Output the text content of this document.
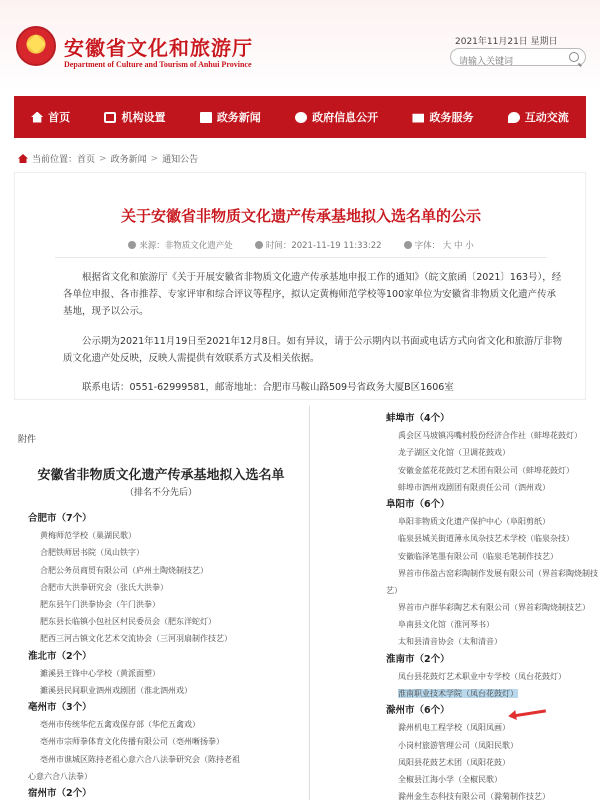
安徽省文化和旅游厅
Department of Culture and Tourism of Anhui Province
2021年11月21日 星期日
请输入关键词
首页	机构设置	政务新闻	政府信息公开	政务服务	互动交流
当前位置： 首页 > 政务新闻 > 通知公告
关于安徽省非物质文化遗产传承基地拟入选名单的公示
来源：非物质文化遗产处	时间：2021-11-19 11:33:22	字体： 大 中 小
根据省文化和旅游厅《关于开展安徽省非物质文化遗产传承基地申报工作的通知》（皖文旅函〔2021〕163号），经各单位申报、各市推荐、专家评审和综合评议等程序，拟认定黄梅师范学校等100家单位为安徽省非物质文化遗产传承基地，现予以公示。
公示期为2021年11月19日至2021年12月8日。如有异议，请于公示期内以书面或电话方式向省文化和旅游厅非物质文化遗产处反映，反映人需提供有效联系方式及相关依据。
联系电话：0551-62999581，邮寄地址：合肥市马鞍山路509号省政务大厦B区1606室
附件
安徽省非物质文化遗产传承基地拟入选名单
（排名不分先后）
合肥市（7个）
黄梅师范学校（巢湖民歌）
合肥铁师居书院（凤山铁字）
合肥公务员商贸有限公司（庐州土陶烧制技艺）
合肥市大洪拳研究会（张氏大洪拳）
肥东县午门洪拳协会（午门洪拳）
肥东县长临镇小包社区村民委员会（肥东洋蛇灯）
肥西三河古镇文化艺术交流协会（三河羽扇制作技艺）
淮北市（2个）
濉溪县王锋中心学校（黄派面塑）
濉溪县民间职业泗州戏剧团（淮北泗州戏）
亳州市（3个）
亳州市传统华佗五禽戏保存部（华佗五禽戏）
亳州市宗师拳体育文化传播有限公司（亳州晰扬拳）
亳州市谯城区陈持老祖心意六合八法拳研究会（陈持老祖
心意六合八法拳）
宿州市（2个）
蚌埠市（4个）
禹会区马坡镇冯嘴村股份经济合作社（蚌埠花鼓灯）
龙子湖区文化馆（卫调花鼓戏）
安徽金蓝花花鼓灯艺术团有限公司（蚌埠花鼓灯）
蚌埠市泗州戏剧团有限责任公司（泗州戏）
阜阳市（6个）
阜阳非物质文化遗产保护中心（阜阳剪纸）
临泉县城关街道薄永凤杂技艺术学校（临泉杂技）
安徽临泽笔墨有限公司（临泉毛笔制作技艺）
界首市伟盈古窑彩陶制作发展有限公司（界首彩陶烧制技
艺）
界首市卢群华彩陶艺术有限公司（界首彩陶烧制技艺）
阜南县文化馆（淮河琴书）
太和县清音协会（太和清音）
淮南市（2个）
凤台县花鼓灯艺术职业中专学校（凤台花鼓灯）
淮南职业技术学院（凤台花鼓灯）
滁州市（6个）
滁州机电工程学校（凤阳凤画）
小岗村旅游管理公司（凤阳民歌）
凤阳县花鼓艺术团（凤阳花鼓）
全椒县江海小学（全椒民歌）
滁州金生态科技有限公司（滁菊制作技艺）
